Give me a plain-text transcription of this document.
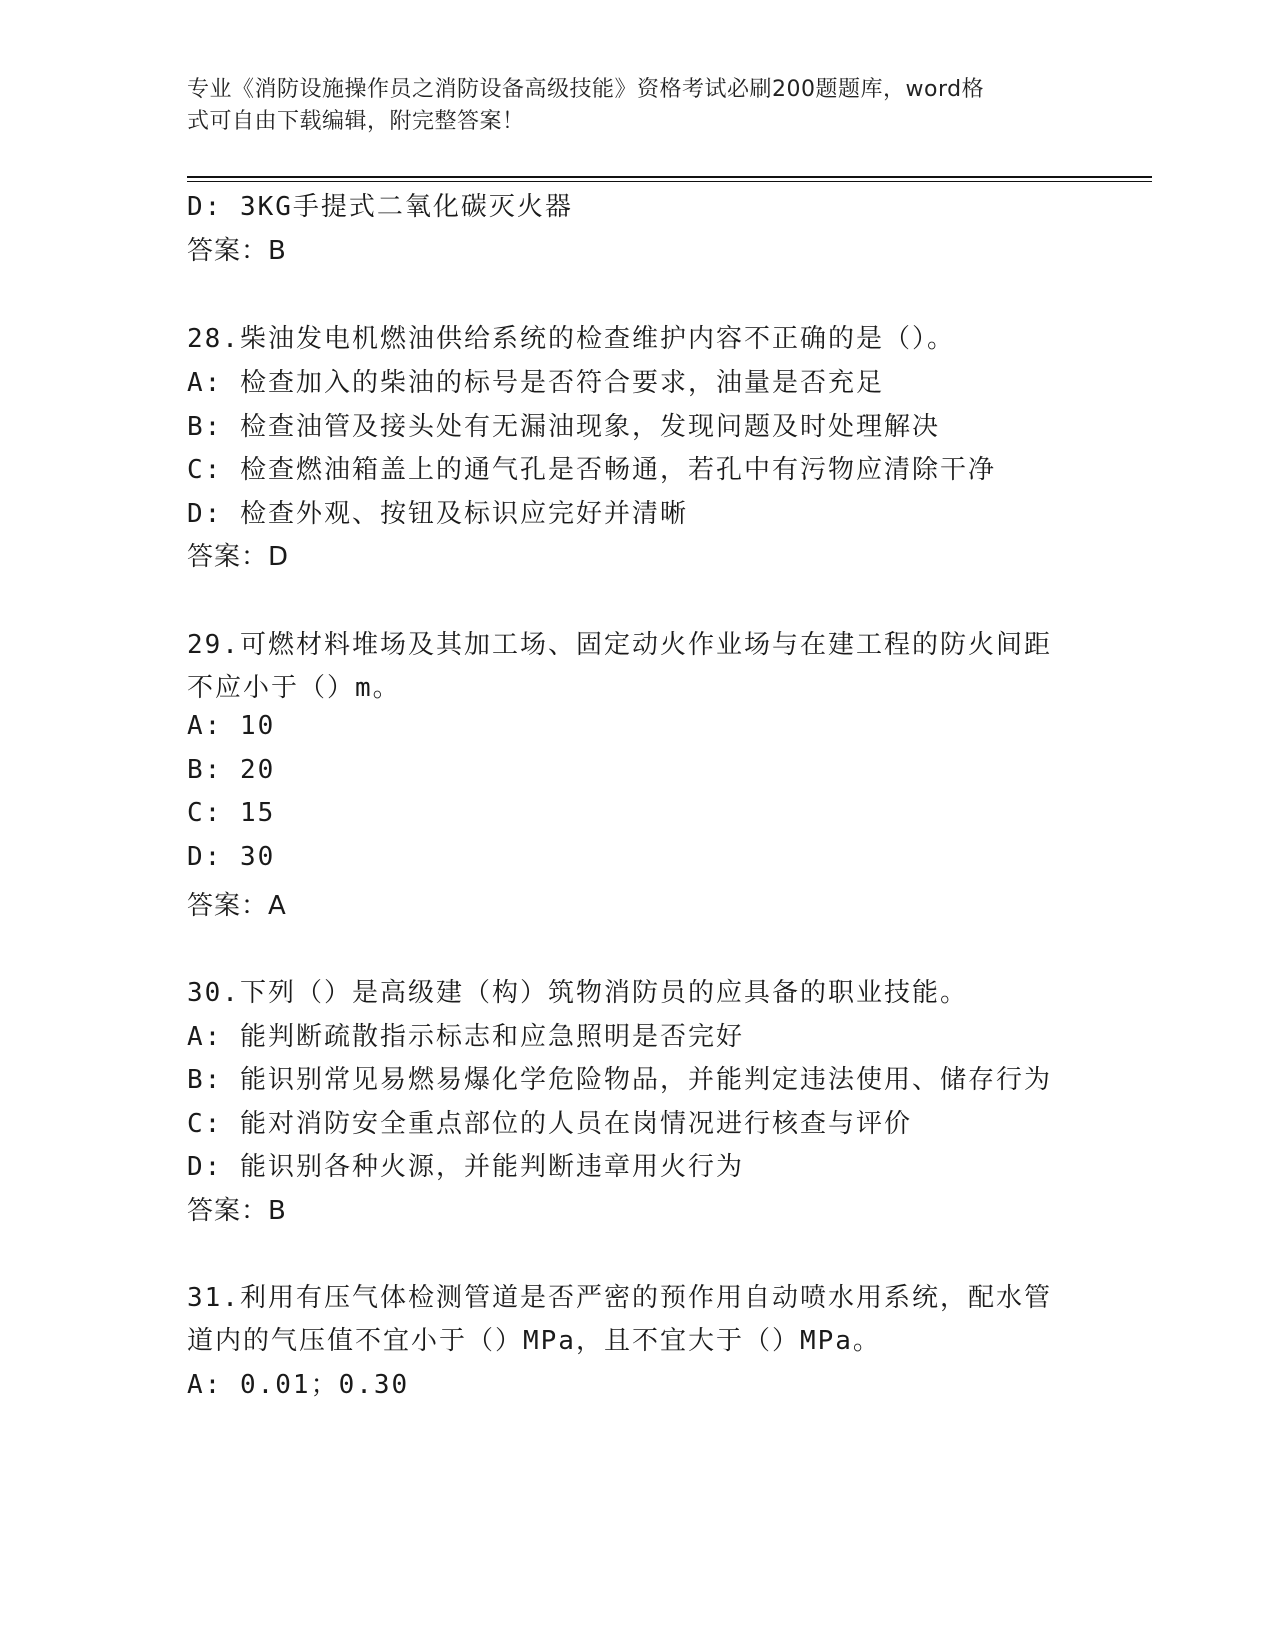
专业《消防设施操作员之消防设备高级技能》资格考试必刷200题题库，word格
式可自由下载编辑，附完整答案！
D: 3KG手提式二氧化碳灭火器
答案：B
28.柴油发电机燃油供给系统的检查维护内容不正确的是（）。
A: 检查加入的柴油的标号是否符合要求，油量是否充足
B: 检查油管及接头处有无漏油现象，发现问题及时处理解决
C: 检查燃油箱盖上的通气孔是否畅通，若孔中有污物应清除干净
D: 检查外观、按钮及标识应完好并清晰
答案：D
29.可燃材料堆场及其加工场、固定动火作业场与在建工程的防火间距
不应小于（）m。
A: 10
B: 20
C: 15
D: 30
答案：A
30.下列（）是高级建（构）筑物消防员的应具备的职业技能。
A: 能判断疏散指示标志和应急照明是否完好
B: 能识别常见易燃易爆化学危险物品，并能判定违法使用、储存行为
C: 能对消防安全重点部位的人员在岗情况进行核查与评价
D: 能识别各种火源，并能判断违章用火行为
答案：B
31.利用有压气体检测管道是否严密的预作用自动喷水用系统，配水管
道内的气压值不宜小于（）MPa，且不宜大于（）MPa。
A: 0.01；0.30
